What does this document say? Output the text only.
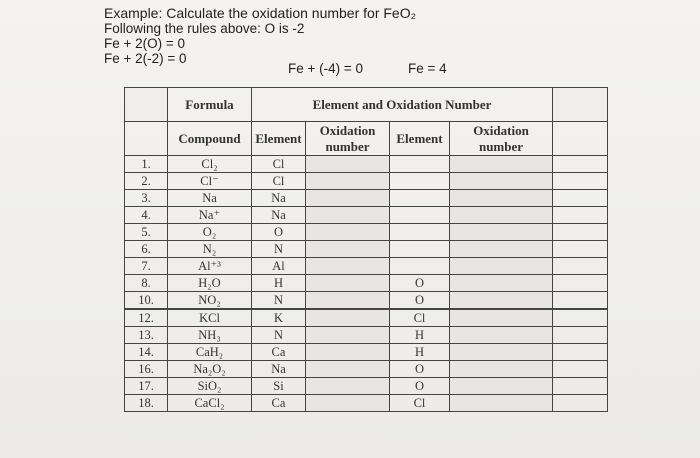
Example: Calculate the oxidation number for FeO₂
Following the rules above: O is -2
Fe + 2(O) = 0
Fe + 2(-2) = 0
Fe + (-4) = 0	Fe = 4
	Formula	Element and Oxidation Number				
	Compound	Element	Oxidation number	Element	Oxidation number	
1.	Cl₂	Cl				
2.	Cl⁻	Cl				
3.	Na	Na				
4.	Na⁺	Na				
5.	O₂	O				
6.	N₂	N				
7.	Al⁺³	Al				
8.	H₂O	H		O		
10.	NO₂	N		O		
12.	KCl	K		Cl		
13.	NH₃	N		H		
14.	CaH₂	Ca		H		
16.	Na₂O₂	Na		O		
17.	SiO₂	Si		O		
18.	CaCl₂	Ca		Cl		
